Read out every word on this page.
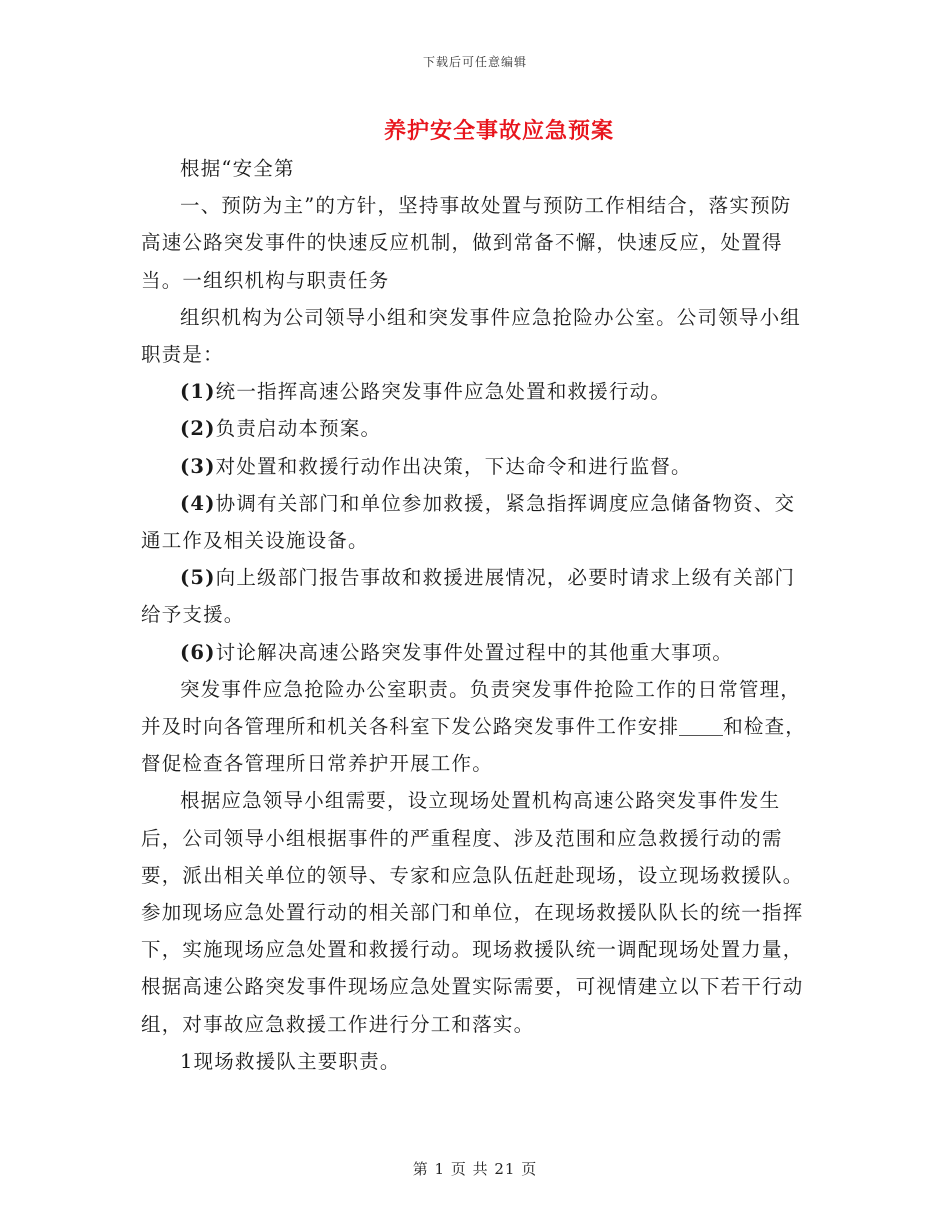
下载后可任意编辑
养护安全事故应急预案

根据“安全第

一、预防为主”的方针，坚持事故处置与预防工作相结合，落实预防高速公路突发事件的快速反应机制，做到常备不懈，快速反应，处置得当。一组织机构与职责任务

组织机构为公司领导小组和突发事件应急抢险办公室。公司领导小组职责是：

(1)统一指挥高速公路突发事件应急处置和救援行动。

(2)负责启动本预案。

(3)对处置和救援行动作出决策，下达命令和进行监督。

(4)协调有关部门和单位参加救援，紧急指挥调度应急储备物资、交通工作及相关设施设备。

(5)向上级部门报告事故和救援进展情况，必要时请求上级有关部门给予支援。

(6)讨论解决高速公路突发事件处置过程中的其他重大事项。

突发事件应急抢险办公室职责。负责突发事件抢险工作的日常管理，并及时向各管理所和机关各科室下发公路突发事件工作安排 和检查，督促检查各管理所日常养护开展工作。

根据应急领导小组需要，设立现场处置机构高速公路突发事件发生后，公司领导小组根据事件的严重程度、涉及范围和应急救援行动的需要，派出相关单位的领导、专家和应急队伍赶赴现场，设立现场救援队。参加现场应急处置行动的相关部门和单位，在现场救援队队长的统一指挥下，实施现场应急处置和救援行动。现场救援队统一调配现场处置力量，根据高速公路突发事件现场应急处置实际需要，可视情建立以下若干行动组，对事故应急救援工作进行分工和落实。

1现场救援队主要职责。

第 1 页 共 21 页
